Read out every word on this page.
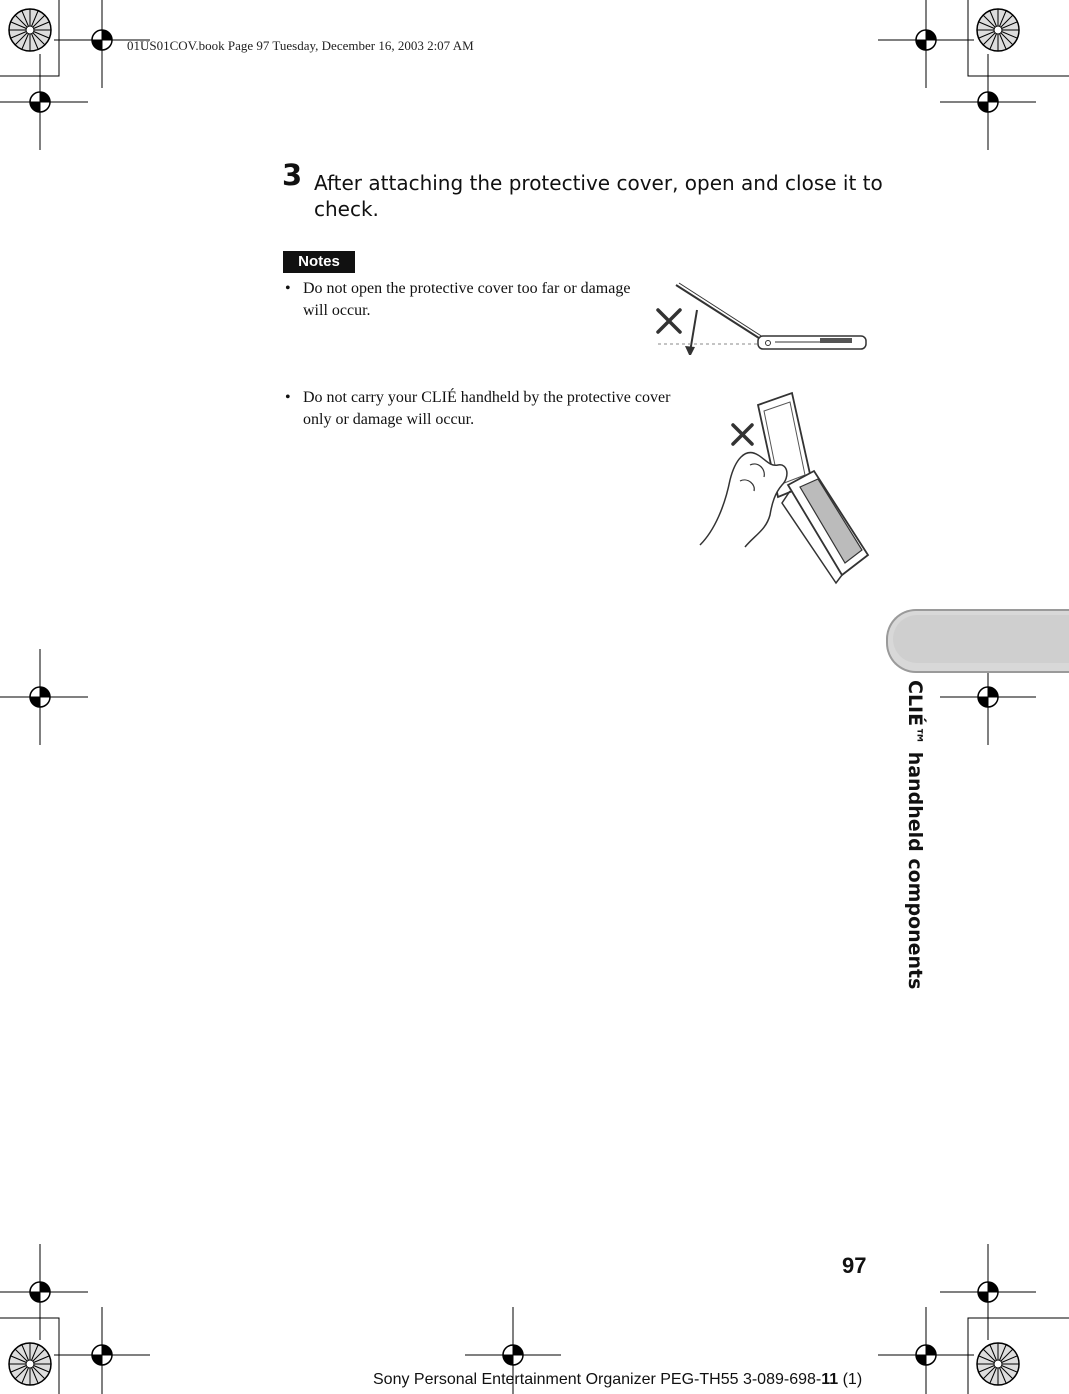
01US01COV.book Page 97 Tuesday, December 16, 2003 2:07 AM
3 After attaching the protective cover, open and close it to check.
Notes
• Do not open the protective cover too far or damage will occur.
• Do not carry your CLIÉ handheld by the protective cover only or damage will occur.
CLIÉ™ handheld components
97
Sony Personal Entertainment Organizer PEG-TH55 3-089-698-11 (1)
